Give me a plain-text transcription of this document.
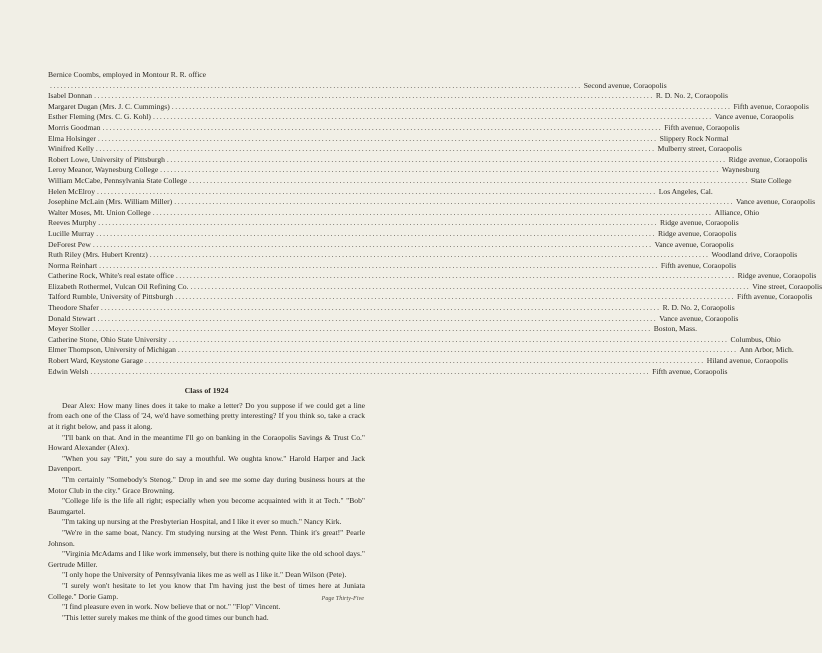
Bernice Coombs, employed in Montour R. R. office
........................................................................................................................................................ Second avenue, Coraopolis
Isabel Donnan ................................................................................................................................................................ R. D. No. 2, Coraopolis
Margaret Dugan (Mrs. J. C. Cummings) ................................................................................................................................................................ Fifth avenue, Coraopolis
Esther Fleming (Mrs. C. G. Kohl) ................................................................................................................................................................ Vance avenue, Coraopolis
Morris Goodman ................................................................................................................................................................ Fifth avenue, Coraopolis
Elma Holsinger ................................................................................................................................................................ Slippery Rock Normal
Winifred Kelly ................................................................................................................................................................ Mulberry street, Coraopolis
Robert Lowe, University of Pittsburgh ................................................................................................................................................................ Ridge avenue, Coraopolis
Leroy Meanor, Waynesburg College ................................................................................................................................................................ Waynesburg
William McCabe, Pennsylvania State College ................................................................................................................................................................ State College
Helen McElroy ................................................................................................................................................................ Los Angeles, Cal.
Josephine McLain (Mrs. William Miller) ................................................................................................................................................................ Vance avenue, Coraopolis
Walter Moses, Mt. Union College ................................................................................................................................................................ Alliance, Ohio
Reeves Murphy ................................................................................................................................................................ Ridge avenue, Coraopolis
Lucille Murray ................................................................................................................................................................ Ridge avenue, Coraopolis
DeForest Pew ................................................................................................................................................................ Vance avenue, Coraopolis
Ruth Riley (Mrs. Hubert Krentz) ................................................................................................................................................................ Woodland drive, Coraopolis
Norma Reinhart ................................................................................................................................................................ Fifth avenue, Coraopolis
Catherine Rock, White's real estate office ................................................................................................................................................................ Ridge avenue, Coraopolis
Elizabeth Rothermel, Vulcan Oil Refining Co. ................................................................................................................................................................ Vine street, Coraopolis
Talford Rumble, University of Pittsburgh ................................................................................................................................................................ Fifth avenue, Coraopolis
Theodore Shafer ................................................................................................................................................................ R. D. No. 2, Coraopolis
Donald Stewart ................................................................................................................................................................ Vance avenue, Coraopolis
Meyer Stoller ................................................................................................................................................................ Boston, Mass.
Catherine Stone, Ohio State University ................................................................................................................................................................ Columbus, Ohio
Elmer Thompson, University of Michigan ................................................................................................................................................................ Ann Arbor, Mich.
Robert Ward, Keystone Garage ................................................................................................................................................................ Hiland avenue, Coraopolis
Edwin Welsh ................................................................................................................................................................ Fifth avenue, Coraopolis
Class of 1924

Dear Alex: How many lines does it take to make a letter? Do you suppose if we could get a line from each one of the Class of '24, we'd have something pretty interesting? If you think so, take a crack at it right below, and pass it along.

"I'll bank on that. And in the meantime I'll go on banking in the Coraopolis Savings & Trust Co." Howard Alexander (Alex).

"When you say "Pitt," you sure do say a mouthful. We oughta know." Harold Harper and Jack Davenport.

"I'm certainly "Somebody's Stenog." Drop in and see me some day during business hours at the Motor Club in the city." Grace Browning.

"College life is the life all right; especially when you become acquainted with it at Tech." "Bob" Baumgartel.

"I'm taking up nursing at the Presbyterian Hospital, and I like it ever so much." Nancy Kirk.

"We're in the same boat, Nancy. I'm studying nursing at the West Penn. Think it's great!" Pearle Johnson.

"Virginia McAdams and I like work immensely, but there is nothing quite like the old school days." Gertrude Miller.

"I only hope the University of Pennsylvania likes me as well as I like it." Dean Wilson (Pete).

"I surely won't hesitate to let you know that I'm having just the best of times here at Juniata College." Dorie Gamp.

"I find pleasure even in work. Now believe that or not." "Flop" Vincent.

"This letter surely makes me think of the good times our bunch had.

Page Thirty-Five
